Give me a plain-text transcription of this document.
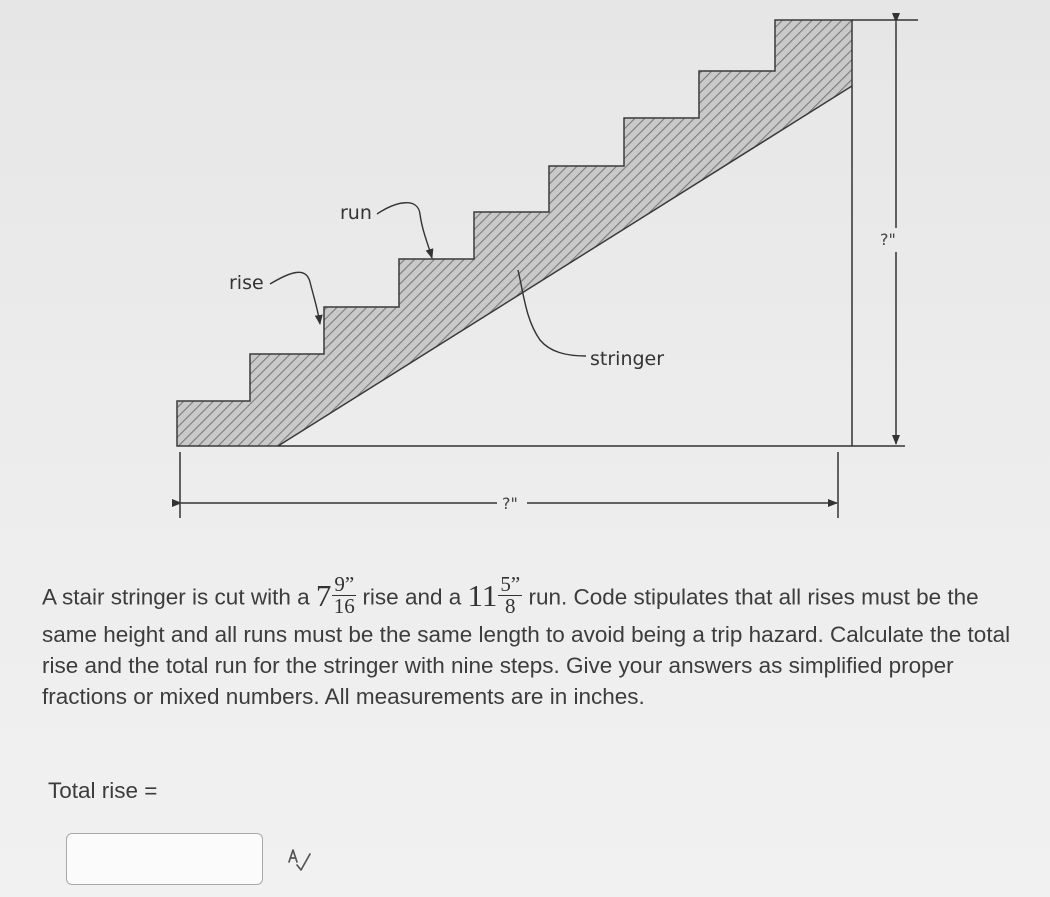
?"
?"
run
rise
stringer

A stair stringer is cut with a $7 \frac{9”}{16}$ rise and a $11 \frac{5”}{8}$ run. Code stipulates that all rises must be the same height and all runs must be the same length to avoid being a trip hazard. Calculate the total rise and the total run for the stringer with nine steps. Give your answers as simplified proper fractions or mixed numbers. All measurements are in inches.

Total rise =
